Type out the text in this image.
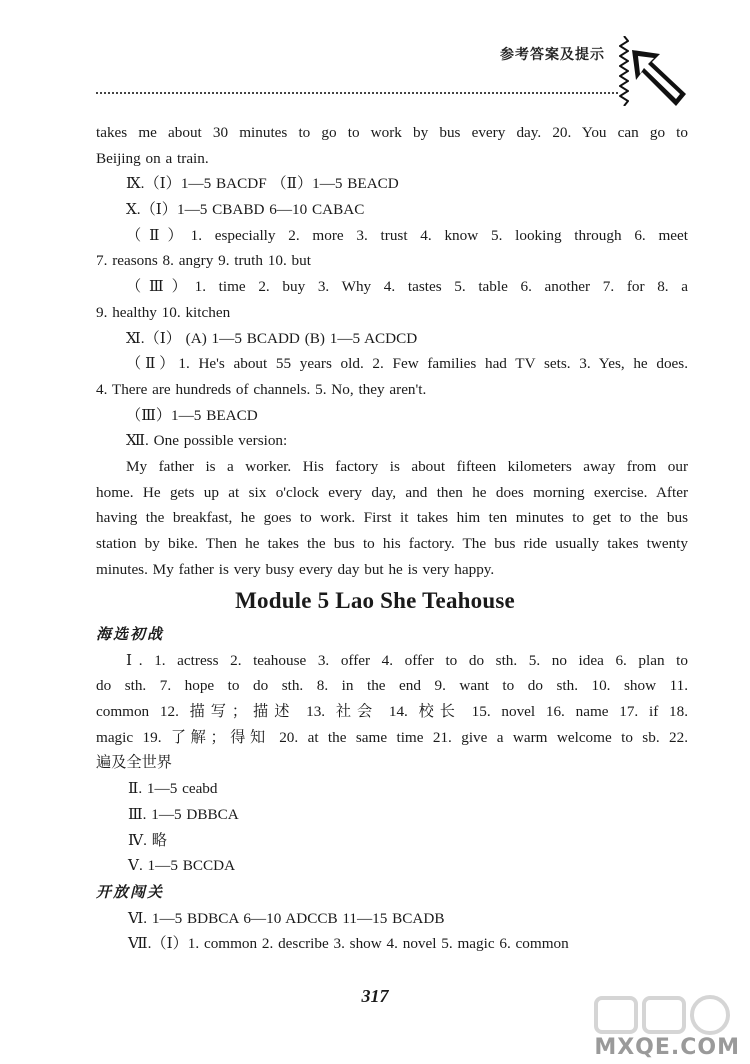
参考答案及提示
takes me about 30 minutes to go to work by bus every day. 20. You can go to
Beijing on a train.
Ⅸ.（Ⅰ）1—5 BACDF （Ⅱ）1—5 BEACD
Ⅹ.（Ⅰ）1—5 CBABD 6—10 CABAC
（Ⅱ）1. especially 2. more 3. trust 4. know 5. looking through 6. meet
7. reasons 8. angry 9. truth 10. but
（Ⅲ）1. time 2. buy 3. Why 4. tastes 5. table 6. another 7. for 8. a
9. healthy 10. kitchen
Ⅺ.（Ⅰ） (A) 1—5 BCADD (B) 1—5 ACDCD
（Ⅱ）1. He's about 55 years old. 2. Few families had TV sets. 3. Yes, he does.
4. There are hundreds of channels. 5. No, they aren't.
（Ⅲ）1—5 BEACD
Ⅻ. One possible version:
My father is a worker. His factory is about fifteen kilometers away from our
home. He gets up at six o'clock every day, and then he does morning exercise. After
having the breakfast, he goes to work. First it takes him ten minutes to get to the bus
station by bike. Then he takes the bus to his factory. The bus ride usually takes twenty
minutes. My father is very busy every day but he is very happy.
Module 5 Lao She Teahouse
海选初战
Ⅰ. 1. actress 2. teahouse 3. offer 4. offer to do sth. 5. no idea 6. plan to
do sth. 7. hope to do sth. 8. in the end 9. want to do sth. 10. show 11.
common 12. 描写；描述 13. 社会 14. 校长 15. novel 16. name 17. if 18.
magic 19. 了解；得知 20. at the same time 21. give a warm welcome to sb. 22.
遍及全世界
Ⅱ. 1—5 ceabd
Ⅲ. 1—5 DBBCA
Ⅳ. 略
Ⅴ. 1—5 BCCDA
开放闯关
Ⅵ. 1—5 BDBCA 6—10 ADCCB 11—15 BCADB
Ⅶ.（Ⅰ）1. common 2. describe 3. show 4. novel 5. magic 6. common
317
MXQE.COM
